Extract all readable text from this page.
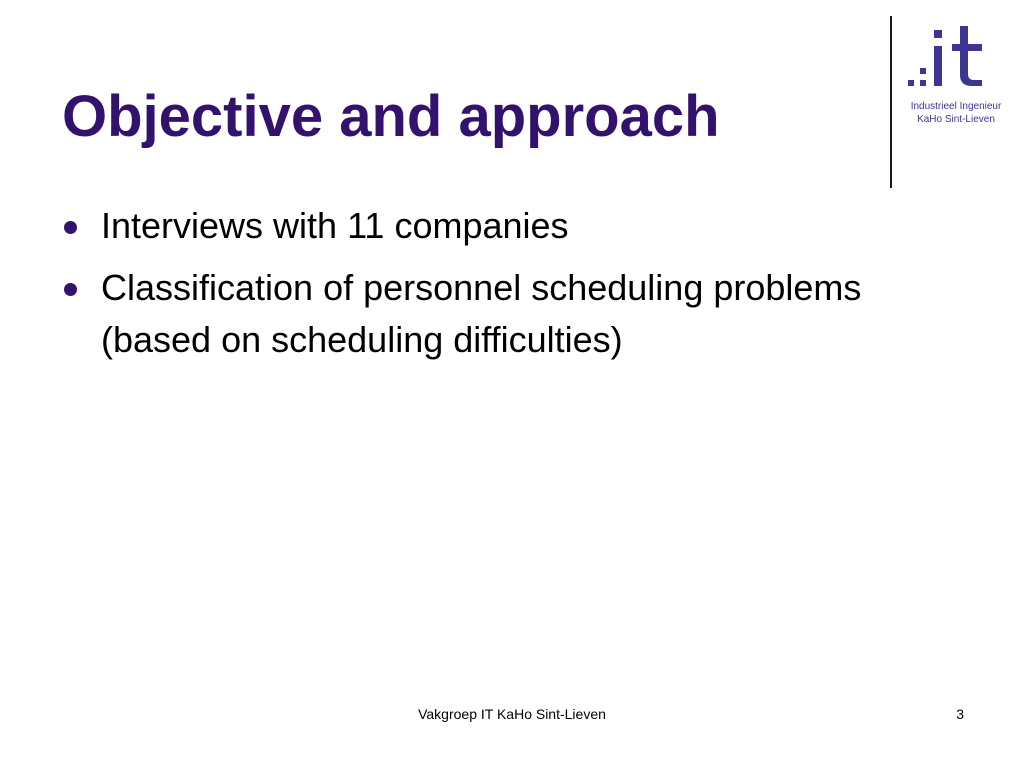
Objective and approach	Industrieel Ingenieur
KaHo Sint-Lieven
Interviews with 11 companies
Classification of personnel scheduling problems (based on scheduling difficulties)
Vakgroep IT KaHo Sint-Lieven	3
